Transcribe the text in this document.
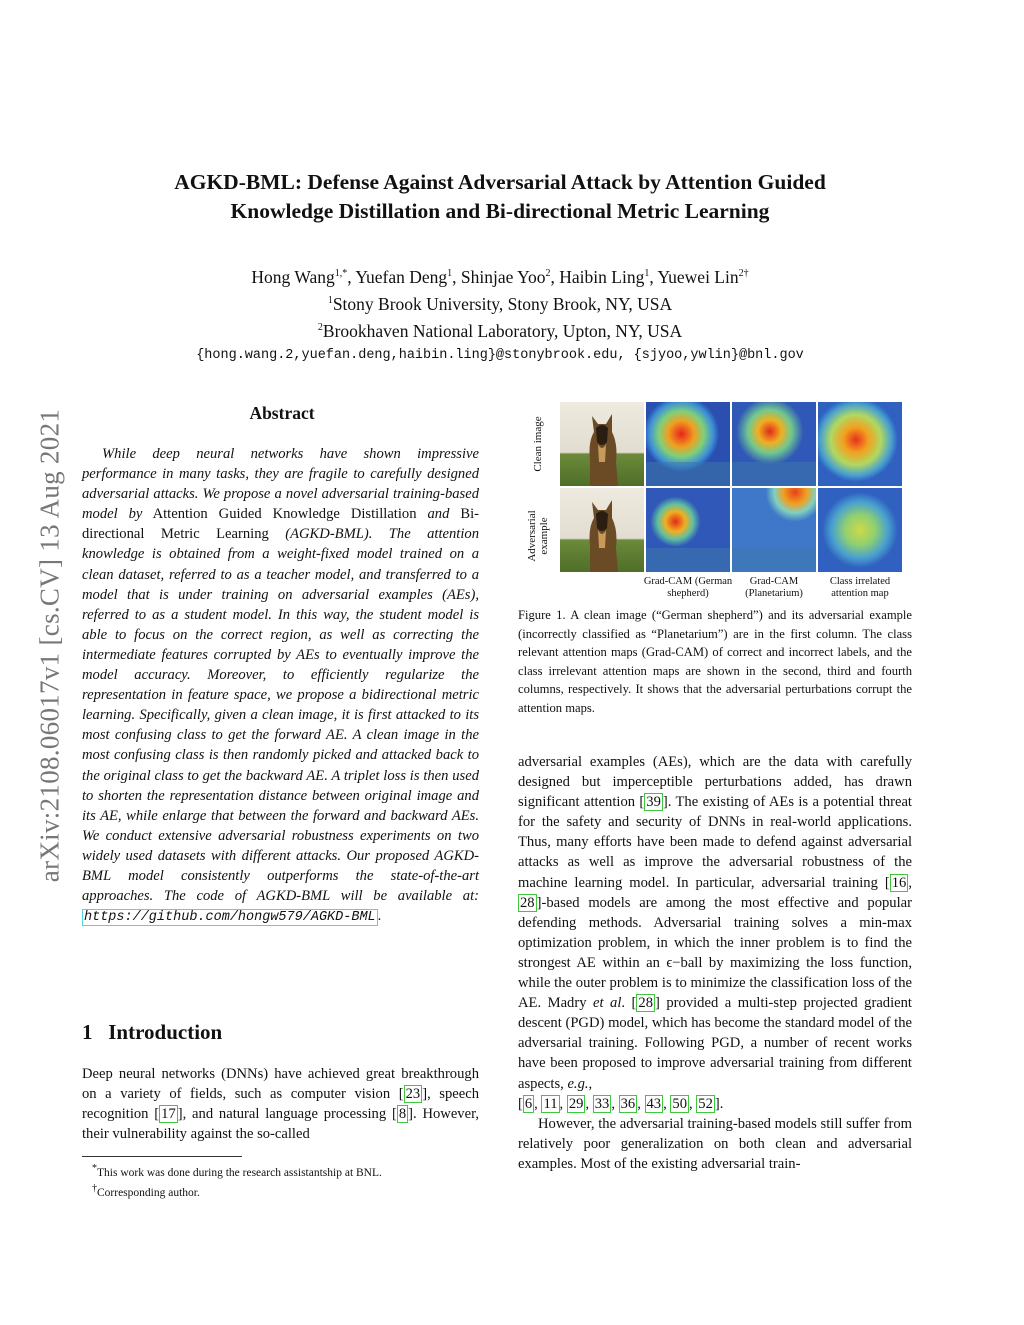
arXiv:2108.06017v1 [cs.CV] 13 Aug 2021
AGKD-BML: Defense Against Adversarial Attack by Attention Guided
Knowledge Distillation and Bi-directional Metric Learning
Hong Wang$^{1,*}$, Yuefan Deng$^1$, Shinjae Yoo$^2$, Haibin Ling$^1$, Yuewei Lin$^{2\dagger}$
$^1$Stony Brook University, Stony Brook, NY, USA
$^2$Brookhaven National Laboratory, Upton, NY, USA
{hong.wang.2,yuefan.deng,haibin.ling}@stonybrook.edu, {sjyoo,ywlin}@bnl.gov
Abstract
While deep neural networks have shown impressive performance in many tasks, they are fragile to carefully designed adversarial attacks. We propose a novel adversarial training-based model by Attention Guided Knowledge Distillation and Bi-directional Metric Learning (AGKD-BML). The attention knowledge is obtained from a weight-fixed model trained on a clean dataset, referred to as a teacher model, and transferred to a model that is under training on adversarial examples (AEs), referred to as a student model. In this way, the student model is able to focus on the correct region, as well as correcting the intermediate features corrupted by AEs to eventually improve the model accuracy. Moreover, to efficiently regularize the representation in feature space, we propose a bidirectional metric learning. Specifically, given a clean image, it is first attacked to its most confusing class to get the forward AE. A clean image in the most confusing class is then randomly picked and attacked back to the original class to get the backward AE. A triplet loss is then used to shorten the representation distance between original image and its AE, while enlarge that between the forward and backward AEs. We conduct extensive adversarial robustness experiments on two widely used datasets with different attacks. Our proposed AGKD-BML model consistently outperforms the state-of-the-art approaches. The code of AGKD-BML will be available at: https://github.com/hongw579/AGKD-BML .
1   Introduction
Deep neural networks (DNNs) have achieved great breakthrough on a variety of fields, such as computer vision [ 23 ], speech recognition [ 17 ], and natural language processing [ 8 ]. However, their vulnerability against the so-called
*This work was done during the research assistantship at BNL.
†Corresponding author.
Clean image
Adversarial example
Grad-CAM (German shepherd)
Grad-CAM (Planetarium)
Class irrelated attention map
Figure 1. A clean image (“German shepherd”) and its adversarial example (incorrectly classified as “Planetarium”) are in the first column. The class relevant attention maps (Grad-CAM) of correct and incorrect labels, and the class irrelevant attention maps are shown in the second, third and fourth columns, respectively. It shows that the adversarial perturbations corrupt the attention maps.

adversarial examples (AEs), which are the data with carefully designed but imperceptible perturbations added, has drawn significant attention [ 39 ]. The existing of AEs is a potential threat for the safety and security of DNNs in real-world applications. Thus, many efforts have been made to defend against adversarial attacks as well as improve the adversarial robustness of the machine learning model. In particular, adversarial training [ 16 , 28 ]-based models are among the most effective and popular defending methods. Adversarial training solves a min-max optimization problem, in which the inner problem is to find the strongest AE within an ϵ−ball by maximizing the loss function, while the outer problem is to minimize the classification loss of the AE. Madry et al. [ 28 ] provided a multi-step projected gradient descent (PGD) model, which has become the standard model of the adversarial training. Following PGD, a number of recent works have been proposed to improve adversarial training from different aspects, e.g.,
[ 6 , 11 , 29 , 33 , 36 , 43 , 50 , 52 ].

However, the adversarial training-based models still suffer from relatively poor generalization on both clean and adversarial examples. Most of the existing adversarial train-
